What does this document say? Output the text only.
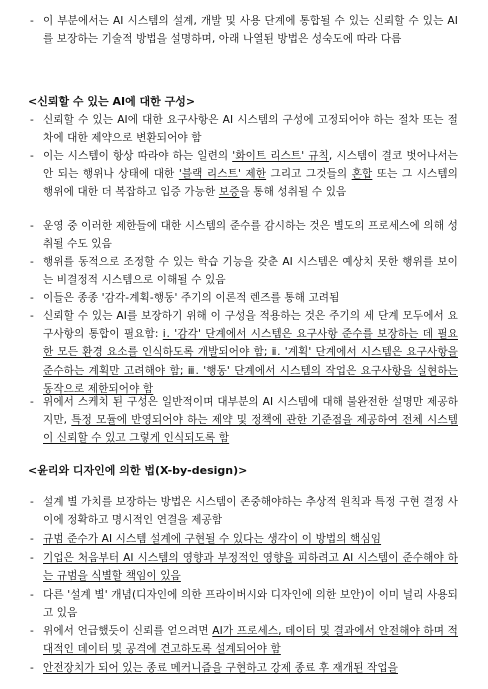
- 이 부분에서는 AI 시스템의 설계, 개발 및 사용 단계에 통합될 수 있는 신뢰할 수 있는 AI를 보장하는 기술적 방법을 설명하며, 아래 나열된 방법은 성숙도에 따라 다름
<신뢰할 수 있는 AI에 대한 구성>
- 신뢰할 수 있는 AI에 대한 요구사항은 AI 시스템의 구성에 고정되어야 하는 절차 또는 절차에 대한 제약으로 변환되어야 함
- 이는 시스템이 항상 따라야 하는 일련의 '화이트 리스트' 규칙, 시스템이 결코 벗어나서는 안 되는 행위나 상태에 대한 '블랙 리스트' 제한 그리고 그것들의 혼합 또는 그 시스템의 행위에 대한 더 복잡하고 입증 가능한 보증을 통해 성취될 수 있음
- 운영 중 이러한 제한들에 대한 시스템의 준수를 감시하는 것은 별도의 프로세스에 의해 성취될 수도 있음
- 행위를 동적으로 조정할 수 있는 학습 기능을 갖춘 AI 시스템은 예상치 못한 행위를 보이는 비결정적 시스템으로 이해될 수 있음
- 이들은 종종 '감각-계획-행동' 주기의 이론적 렌즈를 통해 고려됨
- 신뢰할 수 있는 AI를 보장하기 위해 이 구성을 적용하는 것은 주기의 세 단계 모두에서 요구사항의 통합이 필요함: ⅰ. '감각' 단계에서 시스템은 요구사항 준수를 보장하는 데 필요한 모든 환경 요소를 인식하도록 개발되어야 함; ⅱ. '계획' 단계에서 시스템은 요구사항을 준수하는 계획만 고려해야 함; ⅲ. '행동' 단계에서 시스템의 작업은 요구사항을 실현하는 동작으로 제한되어야 함
- 위에서 스케치 된 구성은 일반적이며 대부분의 AI 시스템에 대해 불완전한 설명만 제공하지만, 특정 모듈에 반영되어야 하는 제약 및 정책에 관한 기준점을 제공하여 전체 시스템이 신뢰할 수 있고 그렇게 인식되도록 함
<윤리와 디자인에 의한 법(X-by-design)>
- 설계 별 가치를 보장하는 방법은 시스템이 존중해야하는 추상적 원칙과 특정 구현 결정 사이에 정확하고 명시적인 연결을 제공함
- 규범 준수가 AI 시스템 설계에 구현될 수 있다는 생각이 이 방법의 핵심임
- 기업은 처음부터 AI 시스템의 영향과 부정적인 영향을 피하려고 AI 시스템이 준수해야 하는 규범을 식별할 책임이 있음
- 다른 '설계 별' 개념(디자인에 의한 프라이버시와 디자인에 의한 보안)이 이미 널리 사용되고 있음
- 위에서 언급했듯이 신뢰를 얻으려면 AI가 프로세스, 데이터 및 결과에서 안전해야 하며 적대적인 데이터 및 공격에 견고하도록 설계되어야 함
- 안전장치가 되어 있는 종료 메커니즘을 구현하고 강제 종료 후 재개된 작업을
